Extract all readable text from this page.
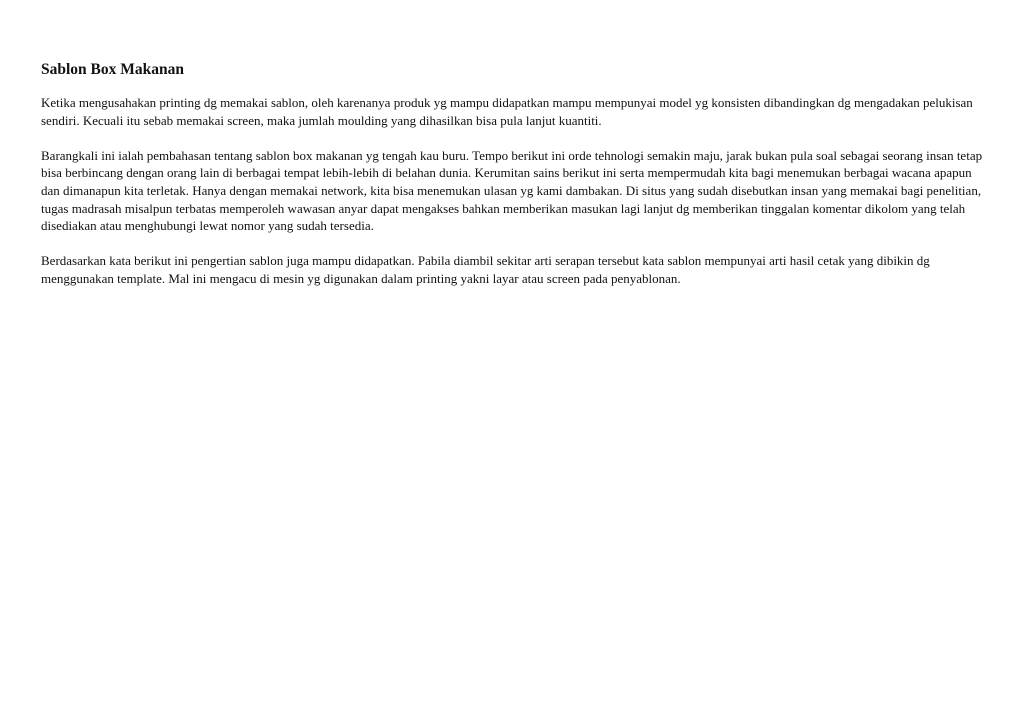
Sablon Box Makanan

Ketika mengusahakan printing dg memakai sablon, oleh karenanya produk yg mampu didapatkan mampu mempunyai model yg konsisten dibandingkan dg mengadakan pelukisan sendiri. Kecuali itu sebab memakai screen, maka jumlah moulding yang dihasilkan bisa pula lanjut kuantiti.

Barangkali ini ialah pembahasan tentang sablon box makanan yg tengah kau buru. Tempo berikut ini orde tehnologi semakin maju, jarak bukan pula soal sebagai seorang insan tetap bisa berbincang dengan orang lain di berbagai tempat lebih-lebih di belahan dunia. Kerumitan sains berikut ini serta mempermudah kita bagi menemukan berbagai wacana apapun dan dimanapun kita terletak. Hanya dengan memakai network, kita bisa menemukan ulasan yg kami dambakan. Di situs yang sudah disebutkan insan yang memakai bagi penelitian, tugas madrasah misalpun terbatas memperoleh wawasan anyar dapat mengakses bahkan memberikan masukan lagi lanjut dg memberikan tinggalan komentar dikolom yang telah disediakan atau menghubungi lewat nomor yang sudah tersedia.

Berdasarkan kata berikut ini pengertian sablon juga mampu didapatkan. Pabila diambil sekitar arti serapan tersebut kata sablon mempunyai arti hasil cetak yang dibikin dg menggunakan template. Mal ini mengacu di mesin yg digunakan dalam printing yakni layar atau screen pada penyablonan.
